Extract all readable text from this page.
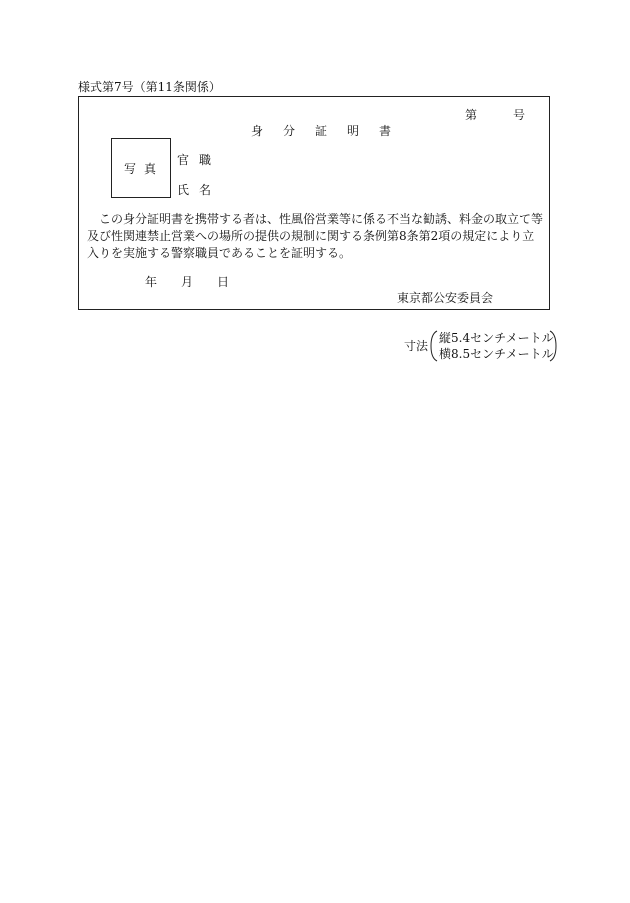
様式第7号（第11条関係）
第	号
身分証明書
写真
官職
氏名

この身分証明書を携帯する者は、性風俗営業等に係る不当な勧誘、料金の取立て等及び性関連禁止営業への場所の提供の規制に関する条例第8条第2項の規定により立入りを実施する警察職員であることを証明する。

年 月 日
東京都公安委員会
寸法
縦5.4センチメートル
横8.5センチメートル
